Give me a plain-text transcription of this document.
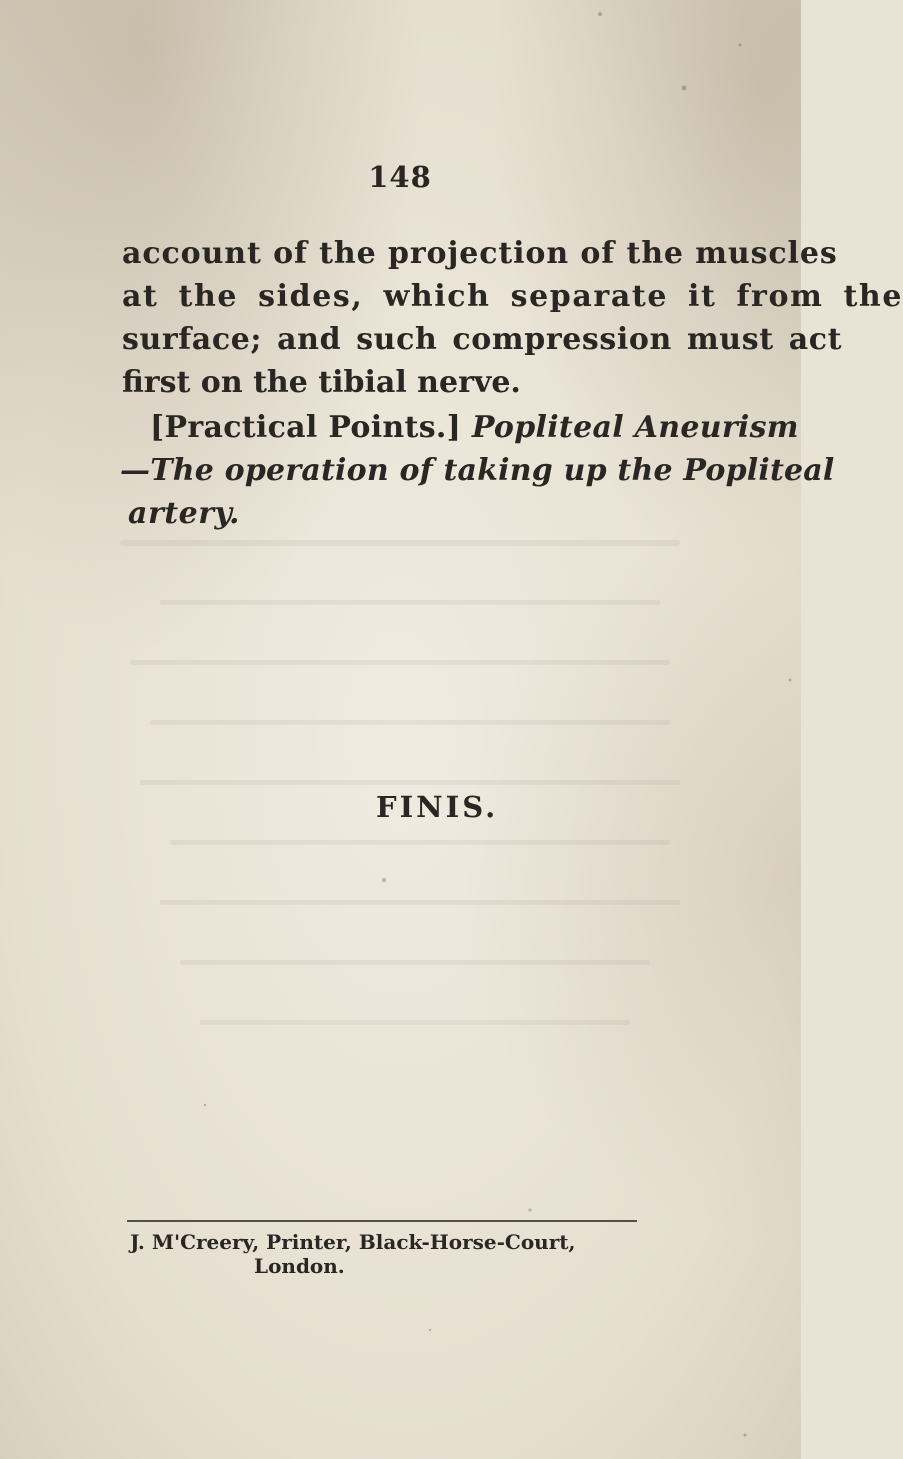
148
account of the projection of the muscles
at the sides, which separate it from the
surface; and such compression must act
first on the tibial nerve.
[Practical Points.] Popliteal Aneurism
—The operation of taking up the Popliteal
artery.
FINIS.
J. M'Creery, Printer, Black-Horse-Court,
London.
